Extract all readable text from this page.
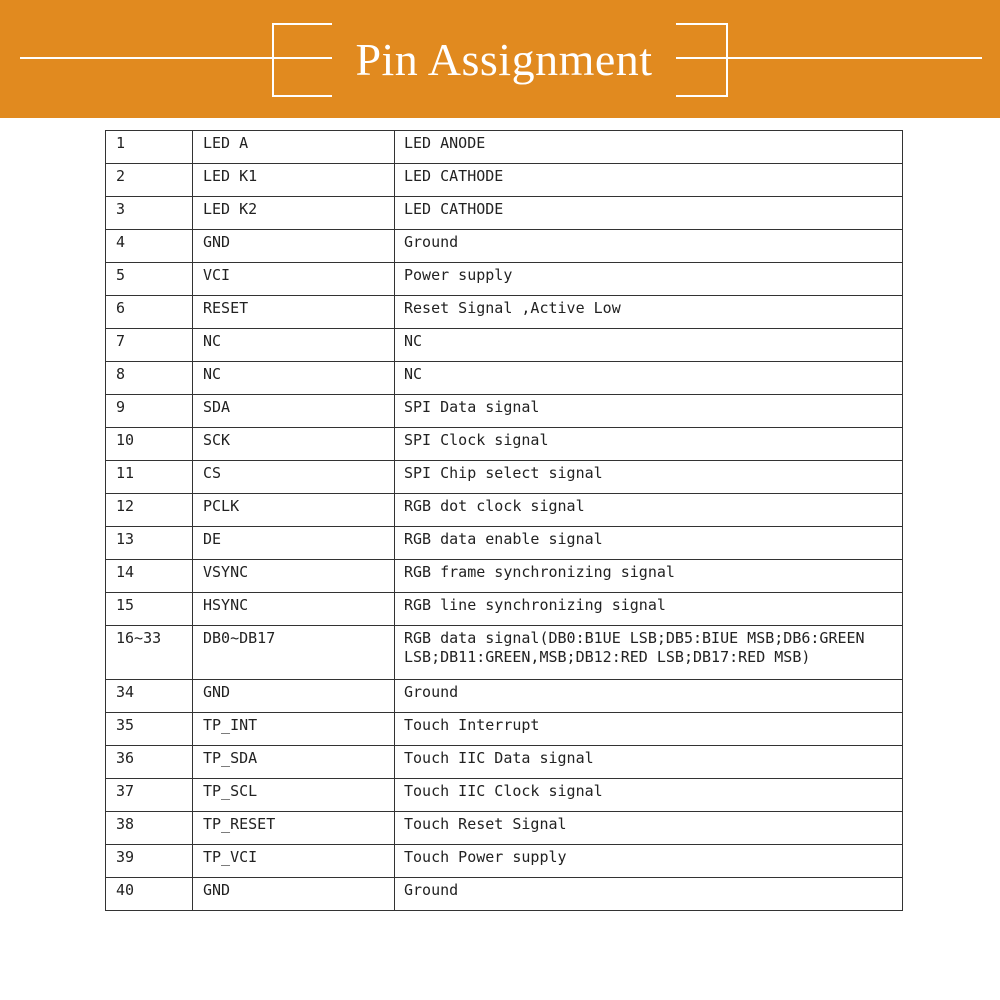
Pin Assignment
1	LED A	LED ANODE
2	LED K1	LED CATHODE
3	LED K2	LED CATHODE
4	GND	Ground
5	VCI	Power supply
6	RESET	Reset Signal ,Active Low
7	NC	NC
8	NC	NC
9	SDA	SPI Data signal
10	SCK	SPI Clock signal
11	CS	SPI Chip select signal
12	PCLK	RGB dot clock signal
13	DE	RGB data enable signal
14	VSYNC	RGB frame synchronizing signal
15	HSYNC	RGB line synchronizing signal
16~33	DB0~DB17	RGB data signal(DB0:B1UE LSB;DB5:BIUE MSB;DB6:GREEN LSB;DB11:GREEN,MSB;DB12:RED LSB;DB17:RED MSB)
34	GND	Ground
35	TP_INT	Touch Interrupt
36	TP_SDA	Touch IIC Data signal
37	TP_SCL	Touch IIC Clock signal
38	TP_RESET	Touch Reset Signal
39	TP_VCI	Touch Power supply
40	GND	Ground
